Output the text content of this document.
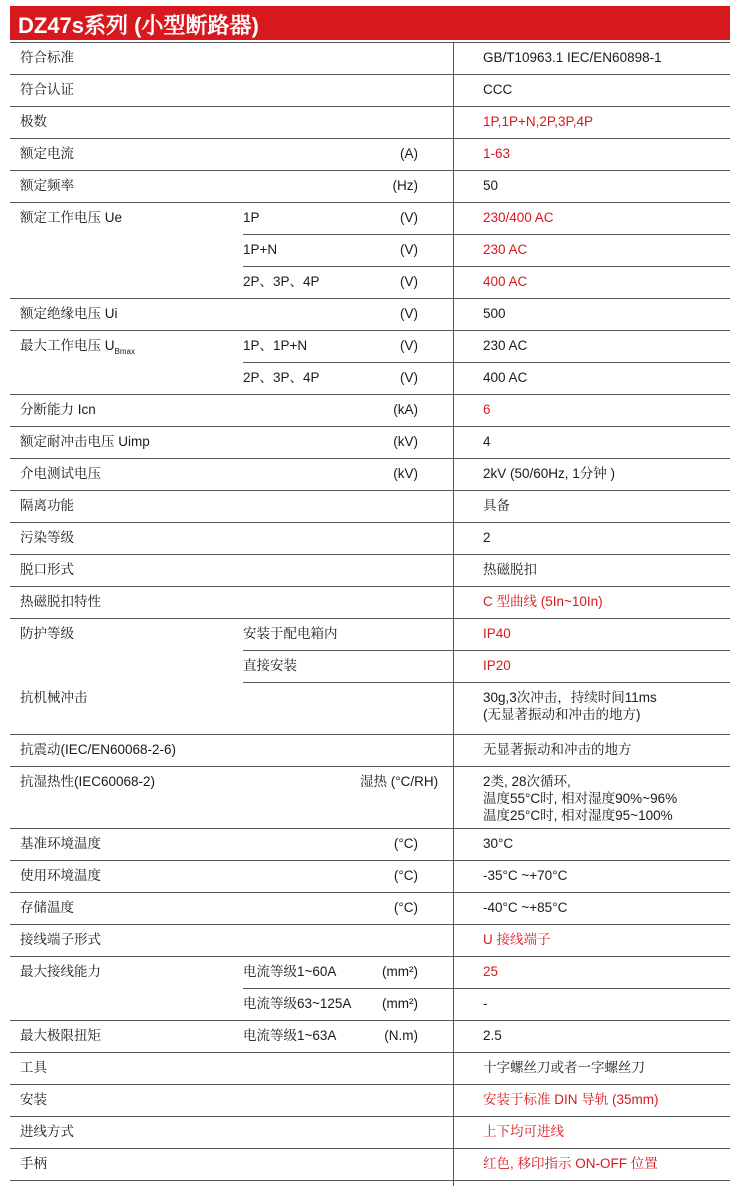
DZ47s系列 (小型断路器)
符合标准	GB/T10963.1 IEC/EN60898-1
符合认证	CCC
极数	1P,1P+N,2P,3P,4P
额定电流	(A)	1-63
额定频率	(Hz)	50
额定工作电压 Ue	1P	(V)	230/400 AC
1P+N	(V)	230 AC
2P、3P、4P	(V)	400 AC
额定绝缘电压 Ui	(V)	500
最大工作电压 $U_{Bmax}$	1P、1P+N	(V)	230 AC
2P、3P、4P	(V)	400 AC
分断能力 Icn	(kA)	6
额定耐冲击电压 Uimp	(kV)	4
介电测试电压	(kV)	2kV (50/60Hz, 1分钟 )
隔离功能	具备
污染等级	2
脱口形式	热磁脱扣
热磁脱扣特性	C 型曲线 (5In~10In)
防护等级	安装于配电箱内	IP40
直接安装	IP20
抗机械冲击	30g,3次冲击，持续时间11ms
(无显著振动和冲击的地方)
抗震动(IEC/EN60068-2-6)	无显著振动和冲击的地方
抗湿热性(IEC60068-2)	湿热 (°C/RH)	2类, 28次循环,
温度55°C时, 相对湿度90%~96%
温度25°C时, 相对湿度95~100%
基准环境温度	(°C)	30°C
使用环境温度	(°C)	-35°C ~+70°C
存储温度	(°C)	-40°C ~+85°C
接线端子形式	U 接线端子
最大接线能力	电流等级1~60A	(mm²)	25
电流等级63~125A	(mm²)	-
最大极限扭矩	电流等级1~63A	(N.m)	2.5
工具	十字螺丝刀或者一字螺丝刀
安装	安装于标准 DIN 导轨 (35mm)
进线方式	上下均可进线
手柄	红色, 移印指示 ON-OFF 位置
